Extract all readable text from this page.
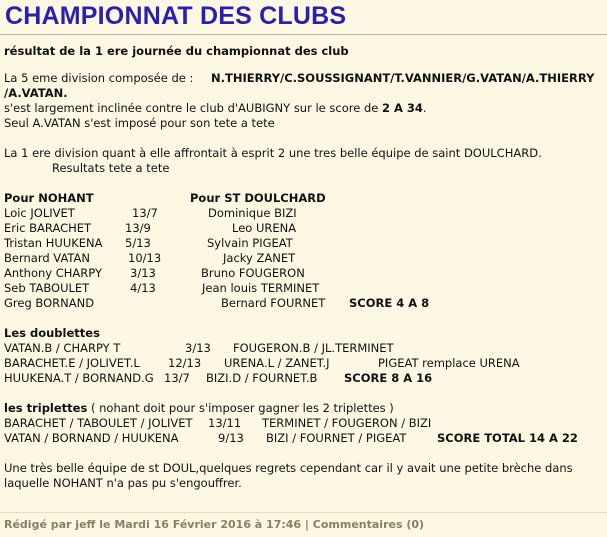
CHAMPIONNAT DES CLUBS
résultat de la 1 ere journée du championnat des club
La 5 eme division composée de : N.THIERRY/C.SOUSSIGNANT/T.VANNIER/G.VATAN/A.THIERRY
/A.VATAN.
s'est largement inclinée contre le club d'AUBIGNY sur le score de 2 A 34.
Seul A.VATAN s'est imposé pour son tete a tete
La 1 ere division quant à elle affrontait à esprit 2 une tres belle équipe de saint DOULCHARD.
Resultats tete a tete
Pour NOHANT	Pour ST DOULCHARD
Loic JOLIVET	13/7	Dominique BIZI
Eric BARACHET	13/9	Leo URENA
Tristan HUUKENA 5/13	Sylvain PIGEAT
Bernard VATAN	10/13	Jacky ZANET
Anthony CHARPY 3/13	Bruno FOUGERON
Seb TABOULET	4/13	Jean louis TERMINET
Greg BORNAND	Bernard FOURNET SCORE 4 A 8
Les doublettes
VATAN.B / CHARPY T	3/13 FOUGERON.B / JL.TERMINET
BARACHET.E / JOLIVET.L 12/13 URENA.L / ZANET.J	PIGEAT remplace URENA
HUUKENA.T / BORNAND.G 13/7 BIZI.D / FOURNET.B SCORE 8 A 16
les triplettes ( nohant doit pour s'imposer gagner les 2 triplettes )
BARACHET / TABOULET / JOLIVET 13/11 TERMINET / FOUGERON / BIZI
VATAN / BORNAND / HUUKENA	9/13 BIZI / FOURNET / PIGEAT	SCORE TOTAL 14 A 22
Une très belle équipe de st DOUL,quelques regrets cependant car il y avait une petite brèche dans
laquelle NOHANT n'a pas pu s'engouffrer.
Rédigé par jeff le Mardi 16 Février 2016 à 17:46 | Commentaires (0)
